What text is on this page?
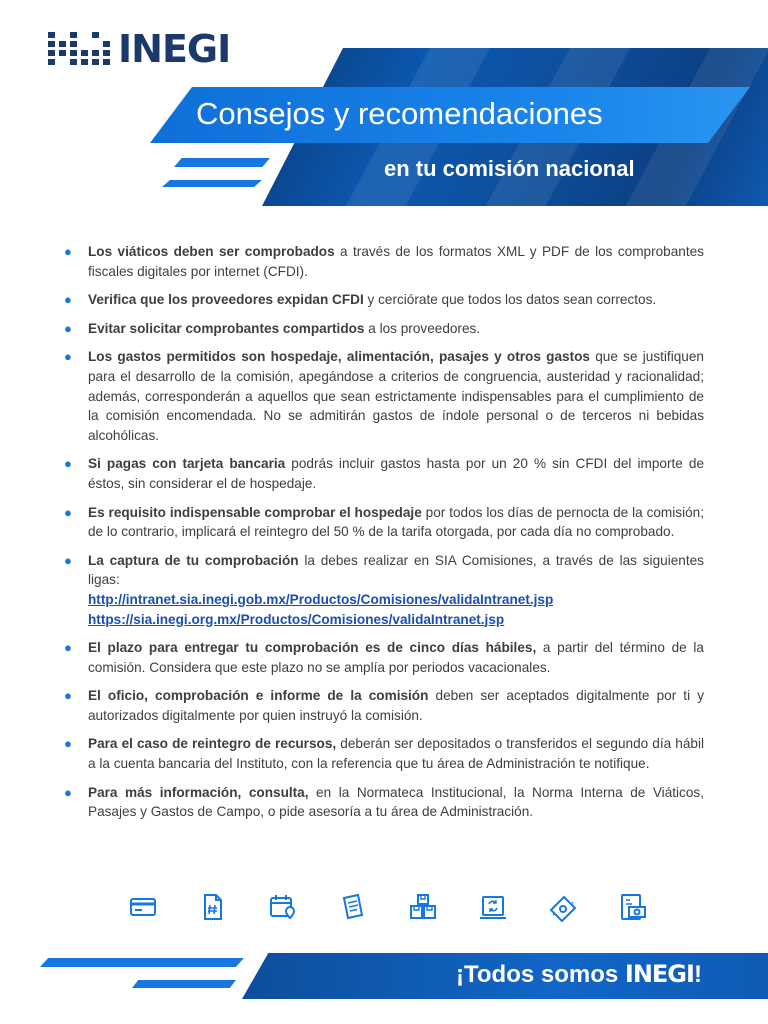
INEGI
Consejos y recomendaciones
en tu comisión nacional
● Los viáticos deben ser comprobados a través de los formatos XML y PDF de los comprobantes fiscales digitales por internet (CFDI).
● Verifica que los proveedores expidan CFDI y cerciórate que todos los datos sean correctos.
● Evitar solicitar comprobantes compartidos a los proveedores.
● Los gastos permitidos son hospedaje, alimentación, pasajes y otros gastos que se justifiquen para el desarrollo de la comisión, apegándose a criterios de congruencia, austeridad y racionalidad; además, corresponderán a aquellos que sean estrictamente indispensables para el cumplimiento de la comisión encomendada. No se admitirán gastos de índole personal o de terceros ni bebidas alcohólicas.
● Si pagas con tarjeta bancaria podrás incluir gastos hasta por un 20 % sin CFDI del importe de éstos, sin considerar el de hospedaje.
● Es requisito indispensable comprobar el hospedaje por todos los días de pernocta de la comisión; de lo contrario, implicará el reintegro del 50 % de la tarifa otorgada, por cada día no comprobado.
● La captura de tu comprobación la debes realizar en SIA Comisiones, a través de las siguientes ligas:
http://intranet.sia.inegi.gob.mx/Productos/Comisiones/validaIntranet.jsp
https://sia.inegi.org.mx/Productos/Comisiones/validaIntranet.jsp
● El plazo para entregar tu comprobación es de cinco días hábiles, a partir del término de la comisión. Considera que este plazo no se amplía por periodos vacacionales.
● El oficio, comprobación e informe de la comisión deben ser aceptados digitalmente por ti y autorizados digitalmente por quien instruyó la comisión.
● Para el caso de reintegro de recursos, deberán ser depositados o transferidos el segundo día hábil a la cuenta bancaria del Instituto, con la referencia que tu área de Administración te notifique.
● Para más información, consulta, en la Normateca Institucional, la Norma Interna de Viáticos, Pasajes y Gastos de Campo, o pide asesoría a tu área de Administración.
¡Todos somos INEGI!
